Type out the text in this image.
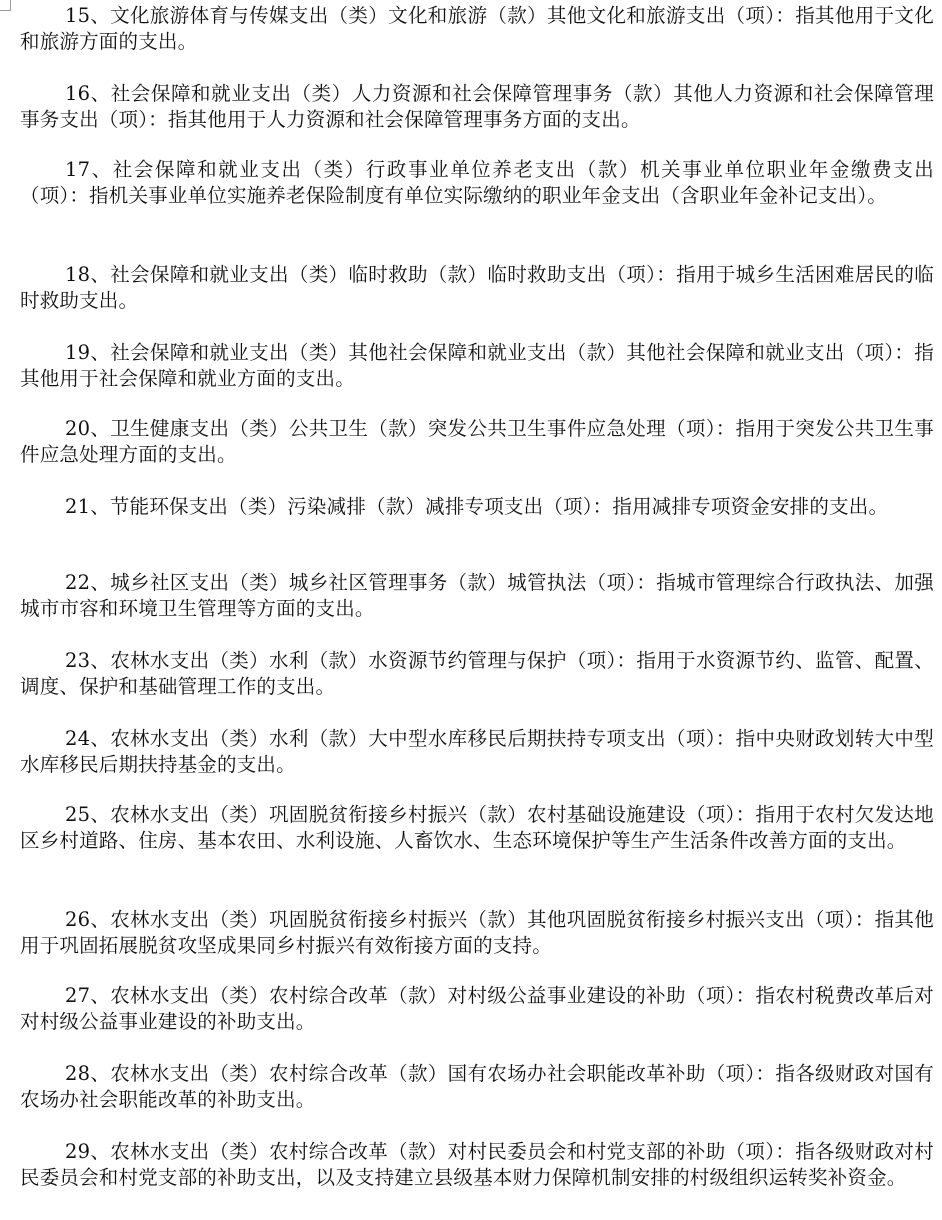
15、文化旅游体育与传媒支出（类）文化和旅游（款）其他文化和旅游支出（项）：指其他用于文化和旅游方面的支出。

16、社会保障和就业支出（类）人力资源和社会保障管理事务（款）其他人力资源和社会保障管理事务支出（项）：指其他用于人力资源和社会保障管理事务方面的支出。

17、社会保障和就业支出（类）行政事业单位养老支出（款）机关事业单位职业年金缴费支出（项）：指机关事业单位实施养老保险制度有单位实际缴纳的职业年金支出（含职业年金补记支出）。

18、社会保障和就业支出（类）临时救助（款）临时救助支出（项）：指用于城乡生活困难居民的临时救助支出。

19、社会保障和就业支出（类）其他社会保障和就业支出（款）其他社会保障和就业支出（项）：指其他用于社会保障和就业方面的支出。

20、卫生健康支出（类）公共卫生（款）突发公共卫生事件应急处理（项）：指用于突发公共卫生事件应急处理方面的支出。

21、节能环保支出（类）污染减排（款）减排专项支出（项）：指用减排专项资金安排的支出。

22、城乡社区支出（类）城乡社区管理事务（款）城管执法（项）：指城市管理综合行政执法、加强城市市容和环境卫生管理等方面的支出。

23、农林水支出（类）水利（款）水资源节约管理与保护（项）：指用于水资源节约、监管、配置、调度、保护和基础管理工作的支出。

24、农林水支出（类）水利（款）大中型水库移民后期扶持专项支出（项）：指中央财政划转大中型水库移民后期扶持基金的支出。

25、农林水支出（类）巩固脱贫衔接乡村振兴（款）农村基础设施建设（项）：指用于农村欠发达地区乡村道路、住房、基本农田、水利设施、人畜饮水、生态环境保护等生产生活条件改善方面的支出。

26、农林水支出（类）巩固脱贫衔接乡村振兴（款）其他巩固脱贫衔接乡村振兴支出（项）：指其他用于巩固拓展脱贫攻坚成果同乡村振兴有效衔接方面的支持。

27、农林水支出（类）农村综合改革（款）对村级公益事业建设的补助（项）：指农村税费改革后对对村级公益事业建设的补助支出。

28、农林水支出（类）农村综合改革（款）国有农场办社会职能改革补助（项）：指各级财政对国有农场办社会职能改革的补助支出。

29、农林水支出（类）农村综合改革（款）对村民委员会和村党支部的补助（项）：指各级财政对村民委员会和村党支部的补助支出，以及支持建立县级基本财力保障机制安排的村级组织运转奖补资金。
